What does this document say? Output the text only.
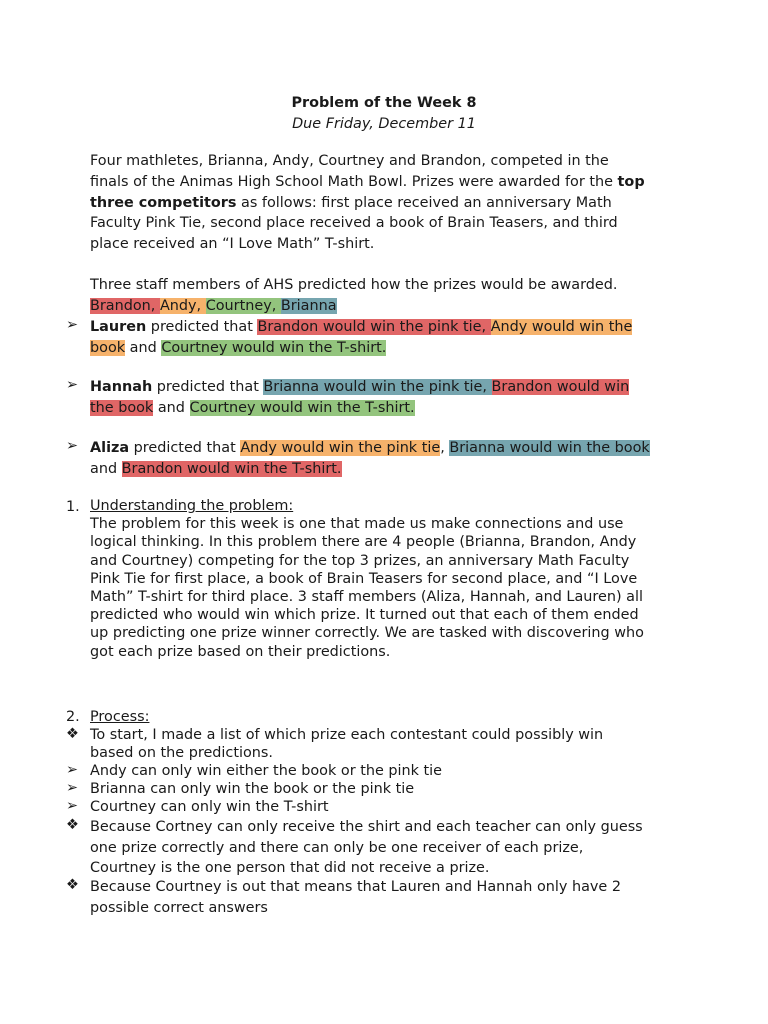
Problem of the Week 8
Due Friday, December 11
Four mathletes, Brianna, Andy, Courtney and Brandon, competed in the
finals of the Animas High School Math Bowl. Prizes were awarded for the top
three competitors as follows: first place received an anniversary Math
Faculty Pink Tie, second place received a book of Brain Teasers, and third
place received an “I Love Math” T-shirt.
Three staff members of AHS predicted how the prizes would be awarded.
Brandon, Andy, Courtney, Brianna
➢ Lauren predicted that Brandon would win the pink tie, Andy would win the
book and Courtney would win the T-shirt.
➢ Hannah predicted that Brianna would win the pink tie, Brandon would win
the book and Courtney would win the T-shirt.
➢ Aliza predicted that Andy would win the pink tie, Brianna would win the book
and Brandon would win the T-shirt.
1. Understanding the problem:
The problem for this week is one that made us make connections and use
logical thinking. In this problem there are 4 people (Brianna, Brandon, Andy
and Courtney) competing for the top 3 prizes, an anniversary Math Faculty
Pink Tie for first place, a book of Brain Teasers for second place, and “I Love
Math” T-shirt for third place. 3 staff members (Aliza, Hannah, and Lauren) all
predicted who would win which prize. It turned out that each of them ended
up predicting one prize winner correctly. We are tasked with discovering who
got each prize based on their predictions.
2. Process:
❖ To start, I made a list of which prize each contestant could possibly win
based on the predictions.
➢ Andy can only win either the book or the pink tie
➢ Brianna can only win the book or the pink tie
➢ Courtney can only win the T-shirt
❖ Because Cortney can only receive the shirt and each teacher can only guess
one prize correctly and there can only be one receiver of each prize,
Courtney is the one person that did not receive a prize.
❖ Because Courtney is out that means that Lauren and Hannah only have 2
possible correct answers
